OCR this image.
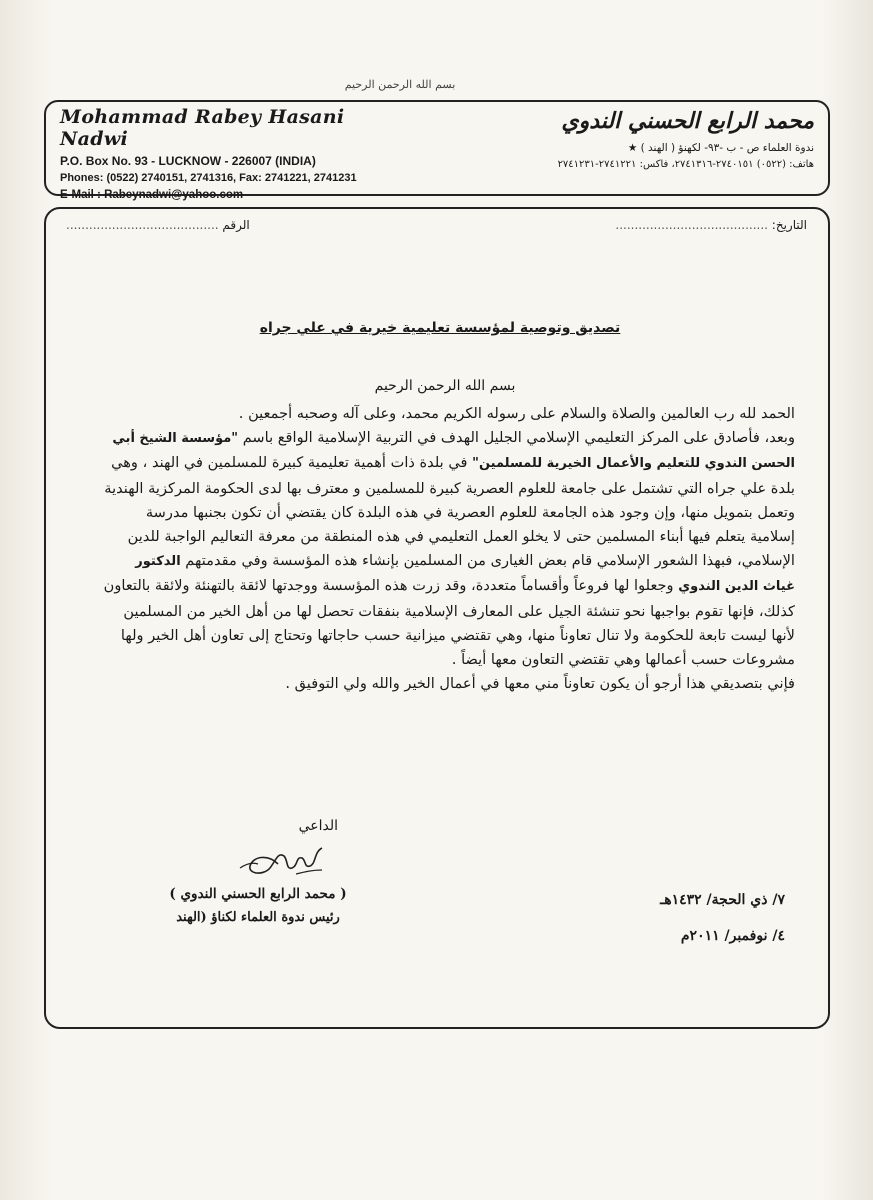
بسم الله الرحمن الرحيم
Mohammad Rabey Hasani Nadwi
P.O. Box No. 93 - LUCKNOW - 226007 (INDIA)
Phones: (0522) 2740151, 2741316, Fax: 2741221, 2741231
E-Mail : Rabeynadwi@yahoo.com
محمد الرابع الحسني الندوي
ندوة العلماء ص - ب -٩٣- لكهنؤ ( الهند ) ★
هاتف: (٠٥٢٢) ٢٧٤٠١٥١-٢٧٤١٣١٦، فاكس: ٢٧٤١٢٢١-٢٧٤١٢٣١
التاريخ: ........................................
الرقم ........................................
تصديق وتوصية لمؤسسة تعليمية خيرية في علي جراه
بسم الله الرحمن الرحيم

الحمد لله رب العالمين والصلاة والسلام على رسوله الكريم محمد، وعلى آله وصحبه أجمعين .

وبعد، فأصادق على المركز التعليمي الإسلامي الجليل الهدف في التربية الإسلامية الواقع باسم "مؤسسة الشيخ أبي الحسن الندوي للتعليم والأعمال الخيرية للمسلمين" في بلدة ذات أهمية تعليمية كبيرة للمسلمين في الهند ، وهي بلدة علي جراه التي تشتمل على جامعة للعلوم العصرية كبيرة للمسلمين و معترف بها لدى الحكومة المركزية الهندية وتعمل بتمويل منها، وإن وجود هذه الجامعة للعلوم العصرية في هذه البلدة كان يقتضي أن تكون بجنبها مدرسة إسلامية يتعلم فيها أبناء المسلمين حتى لا يخلو العمل التعليمي في هذه المنطقة من معرفة التعاليم الواجبة للدين الإسلامي، فبهذا الشعور الإسلامي قام بعض الغيارى من المسلمين بإنشاء هذه المؤسسة وفي مقدمتهم الدكتور غياث الدين الندوي وجعلوا لها فروعاً وأقساماً متعددة، وقد زرت هذه المؤسسة ووجدتها لائقة بالتهنئة ولائقة بالتعاون كذلك، فإنها تقوم بواجبها نحو تنشئة الجيل على المعارف الإسلامية بنفقات تحصل لها من أهل الخير من المسلمين لأنها ليست تابعة للحكومة ولا تنال تعاوناً منها، وهي تقتضي ميزانية حسب حاجاتها وتحتاج إلى تعاون أهل الخير ولها مشروعات حسب أعمالها وهي تقتضي التعاون معها أيضاً .

فإني بتصديقي هذا أرجو أن يكون تعاوناً مني معها في أعمال الخير والله ولي التوفيق .

الداعي
( محمد الرابع الحسني الندوي )
رئيس ندوة العلماء لكناؤ (الهند
٧/ ذي الحجة/ ١٤٣٢هـ
٤/ نوفمبر/ ٢٠١١م
